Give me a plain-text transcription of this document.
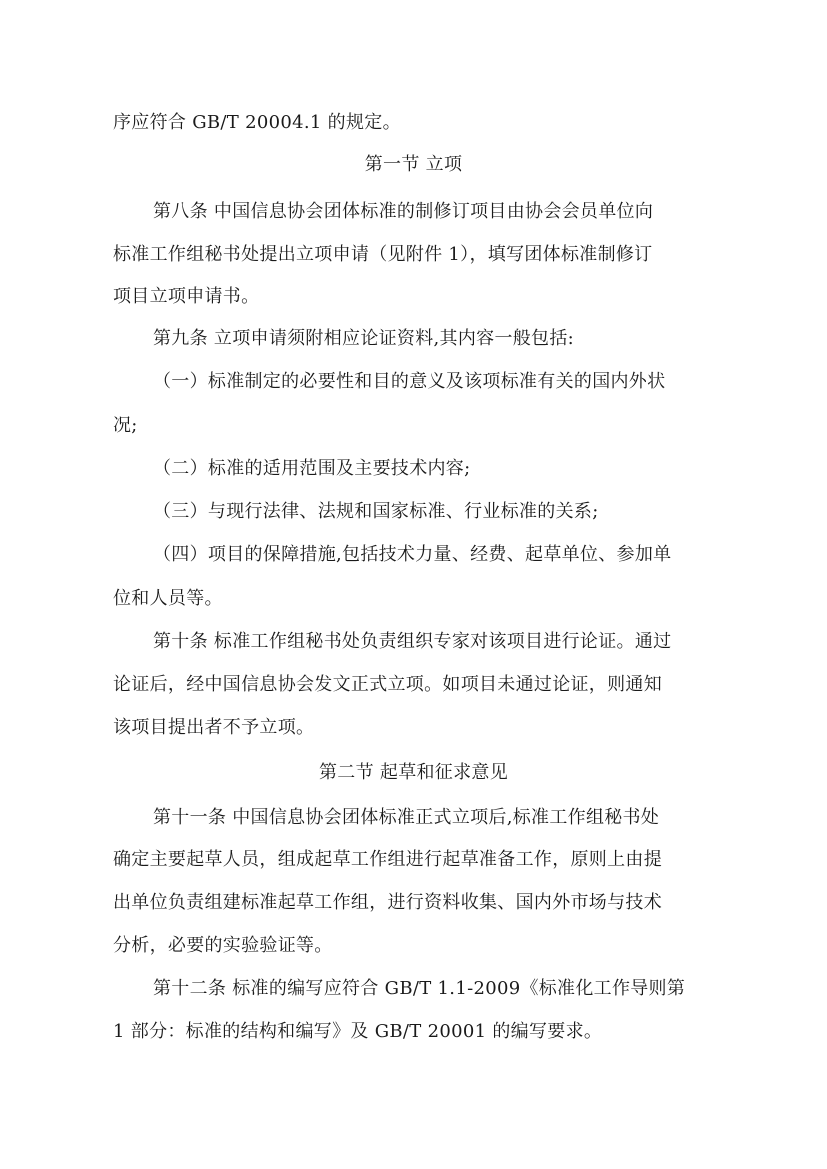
序应符合 GB/T 20004.1 的规定。
第一节 立项
第八条 中国信息协会团体标准的制修订项目由协会会员单位向
标准工作组秘书处提出立项申请（见附件 1），填写团体标准制修订
项目立项申请书。
第九条 立项申请须附相应论证资料,其内容一般包括:
（一）标准制定的必要性和目的意义及该项标准有关的国内外状
况;
（二）标准的适用范围及主要技术内容;
（三）与现行法律、法规和国家标准、行业标准的关系;
（四）项目的保障措施,包括技术力量、经费、起草单位、参加单
位和人员等。
第十条 标准工作组秘书处负责组织专家对该项目进行论证。通过
论证后，经中国信息协会发文正式立项。如项目未通过论证，则通知
该项目提出者不予立项。
第二节 起草和征求意见
第十一条 中国信息协会团体标准正式立项后,标准工作组秘书处
确定主要起草人员，组成起草工作组进行起草准备工作，原则上由提
出单位负责组建标准起草工作组，进行资料收集、国内外市场与技术
分析，必要的实验验证等。
第十二条 标准的编写应符合 GB/T 1.1-2009《标准化工作导则第
1 部分：标准的结构和编写》及 GB/T 20001 的编写要求。
